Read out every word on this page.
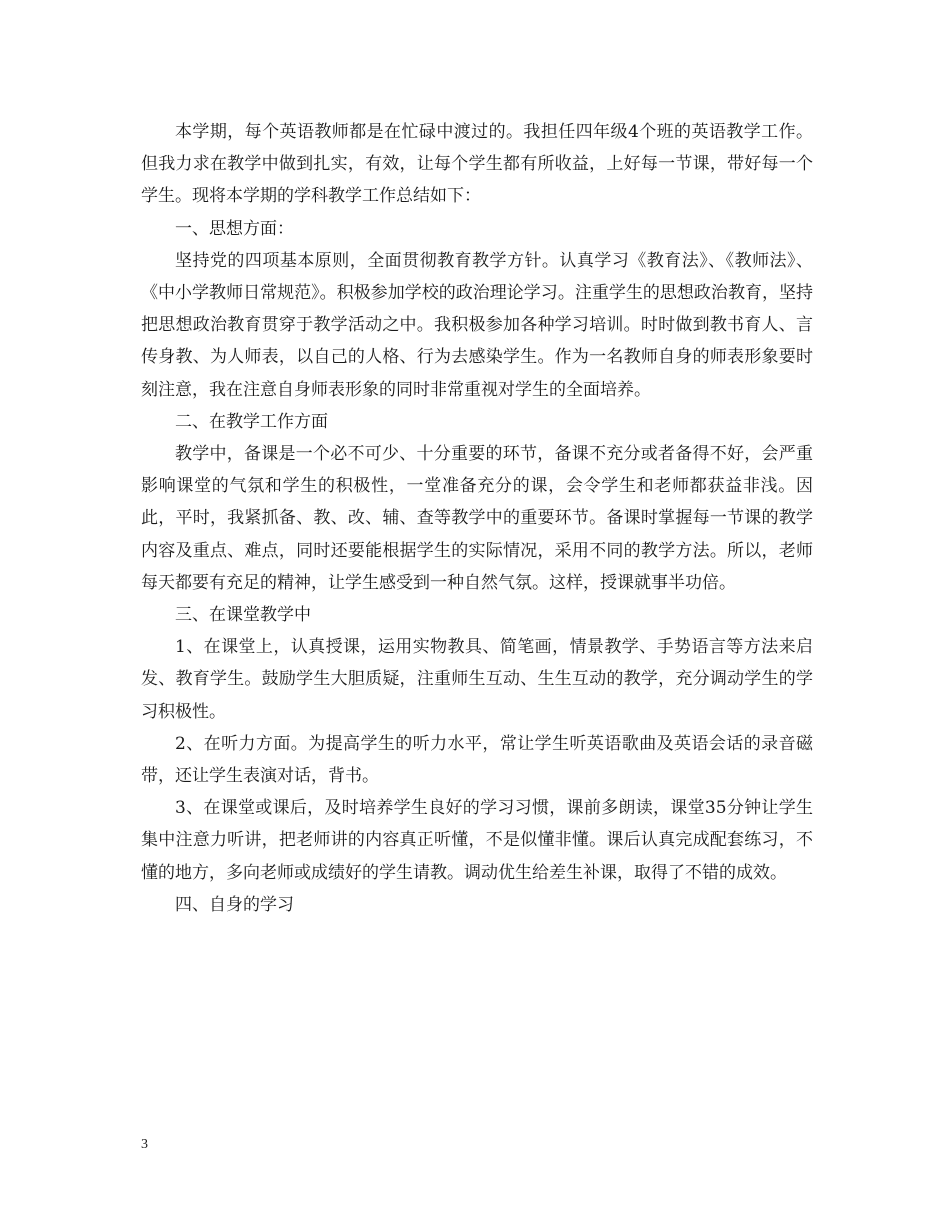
本学期，每个英语教师都是在忙碌中渡过的。我担任四年级4个班的英语教学工作。但我力求在教学中做到扎实，有效，让每个学生都有所收益，上好每一节课，带好每一个学生。现将本学期的学科教学工作总结如下：

一、思想方面：

坚持党的四项基本原则，全面贯彻教育教学方针。认真学习《教育法》、《教师法》、《中小学教师日常规范》。积极参加学校的政治理论学习。注重学生的思想政治教育，坚持把思想政治教育贯穿于教学活动之中。我积极参加各种学习培训。时时做到教书育人、言传身教、为人师表，以自己的人格、行为去感染学生。作为一名教师自身的师表形象要时刻注意，我在注意自身师表形象的同时非常重视对学生的全面培养。

二、在教学工作方面

教学中，备课是一个必不可少、十分重要的环节，备课不充分或者备得不好，会严重影响课堂的气氛和学生的积极性，一堂准备充分的课，会令学生和老师都获益非浅。因此，平时，我紧抓备、教、改、辅、查等教学中的重要环节。备课时掌握每一节课的教学内容及重点、难点，同时还要能根据学生的实际情况，采用不同的教学方法。所以，老师每天都要有充足的精神，让学生感受到一种自然气氛。这样，授课就事半功倍。

三、在课堂教学中

1、在课堂上，认真授课，运用实物教具、简笔画，情景教学、手势语言等方法来启发、教育学生。鼓励学生大胆质疑，注重师生互动、生生互动的教学，充分调动学生的学习积极性。

2、在听力方面。为提高学生的听力水平，常让学生听英语歌曲及英语会话的录音磁带，还让学生表演对话，背书。

3、在课堂或课后，及时培养学生良好的学习习惯，课前多朗读，课堂35分钟让学生集中注意力听讲，把老师讲的内容真正听懂，不是似懂非懂。课后认真完成配套练习，不懂的地方，多向老师或成绩好的学生请教。调动优生给差生补课，取得了不错的成效。

四、自身的学习

3
